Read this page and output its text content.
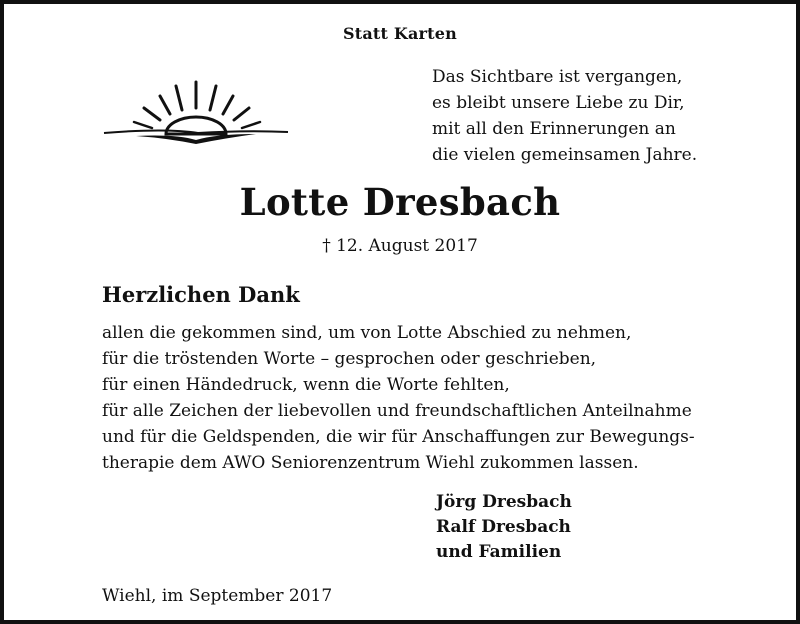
Statt Karten
Das Sichtbare ist vergangen,
es bleibt unsere Liebe zu Dir,
mit all den Erinnerungen an
die vielen gemeinsamen Jahre.
Lotte Dresbach
† 12. August 2017
Herzlichen Dank
allen die gekommen sind, um von Lotte Abschied zu nehmen,
für die tröstenden Worte – gesprochen oder geschrieben,
für einen Händedruck, wenn die Worte fehlten,
für alle Zeichen der liebevollen und freundschaftlichen Anteilnahme
und für die Geldspenden, die wir für Anschaffungen zur Bewegungs-
therapie dem AWO Seniorenzentrum Wiehl zukommen lassen.
Jörg Dresbach
Ralf Dresbach
und Familien
Wiehl, im September 2017
